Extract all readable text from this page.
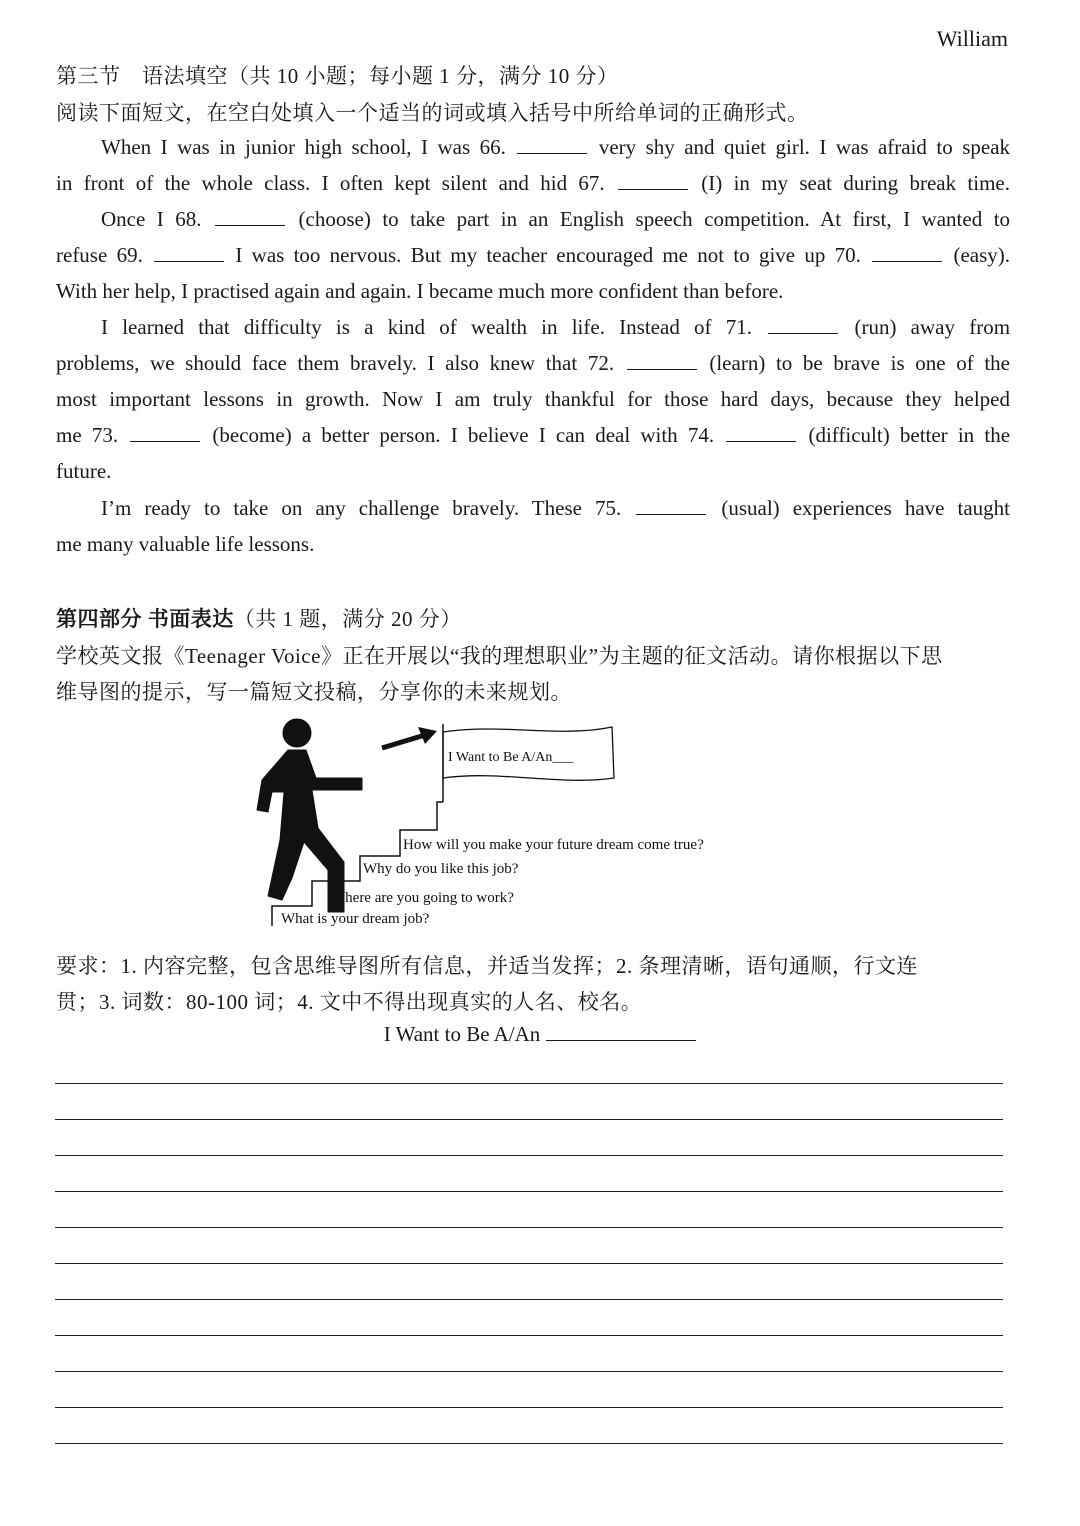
William
第三节　语法填空（共 10 小题；每小题 1 分，满分 10 分）
阅读下面短文，在空白处填入一个适当的词或填入括号中所给单词的正确形式。
When I was in junior high school, I was 66.	very shy and quiet girl. I was afraid to speak
in front of the whole class. I often kept silent and hid 67.	(I) in my seat during break time.
Once I 68.	(choose) to take part in an English speech competition. At first, I wanted to
refuse 69.	I was too nervous. But my teacher encouraged me not to give up 70.	(easy).
With her help, I practised again and again. I became much more confident than before.
I learned that difficulty is a kind of wealth in life. Instead of 71.	(run) away from
problems, we should face them bravely. I also knew that 72.	(learn) to be brave is one of the
most important lessons in growth. Now I am truly thankful for those hard days, because they helped
me 73.	(become) a better person. I believe I can deal with 74.	(difficult) better in the
future.
I’m ready to take on any challenge bravely. These 75.	(usual) experiences have taught
me many valuable life lessons.
第四部分 书面表达（共 1 题，满分 20 分）
学校英文报《Teenager Voice》正在开展以“我的理想职业”为主题的征文活动。请你根据以下思
维导图的提示，写一篇短文投稿，分享你的未来规划。
I Want to Be A/An___
How will you make your future dream come true?
Why do you like this job?
Where are you going to work?
What is your dream job?
要求：1. 内容完整，包含思维导图所有信息，并适当发挥；2. 条理清晰，语句通顺，行文连
贯；3. 词数：80-100 词；4. 文中不得出现真实的人名、校名。
I Want to Be A/An
